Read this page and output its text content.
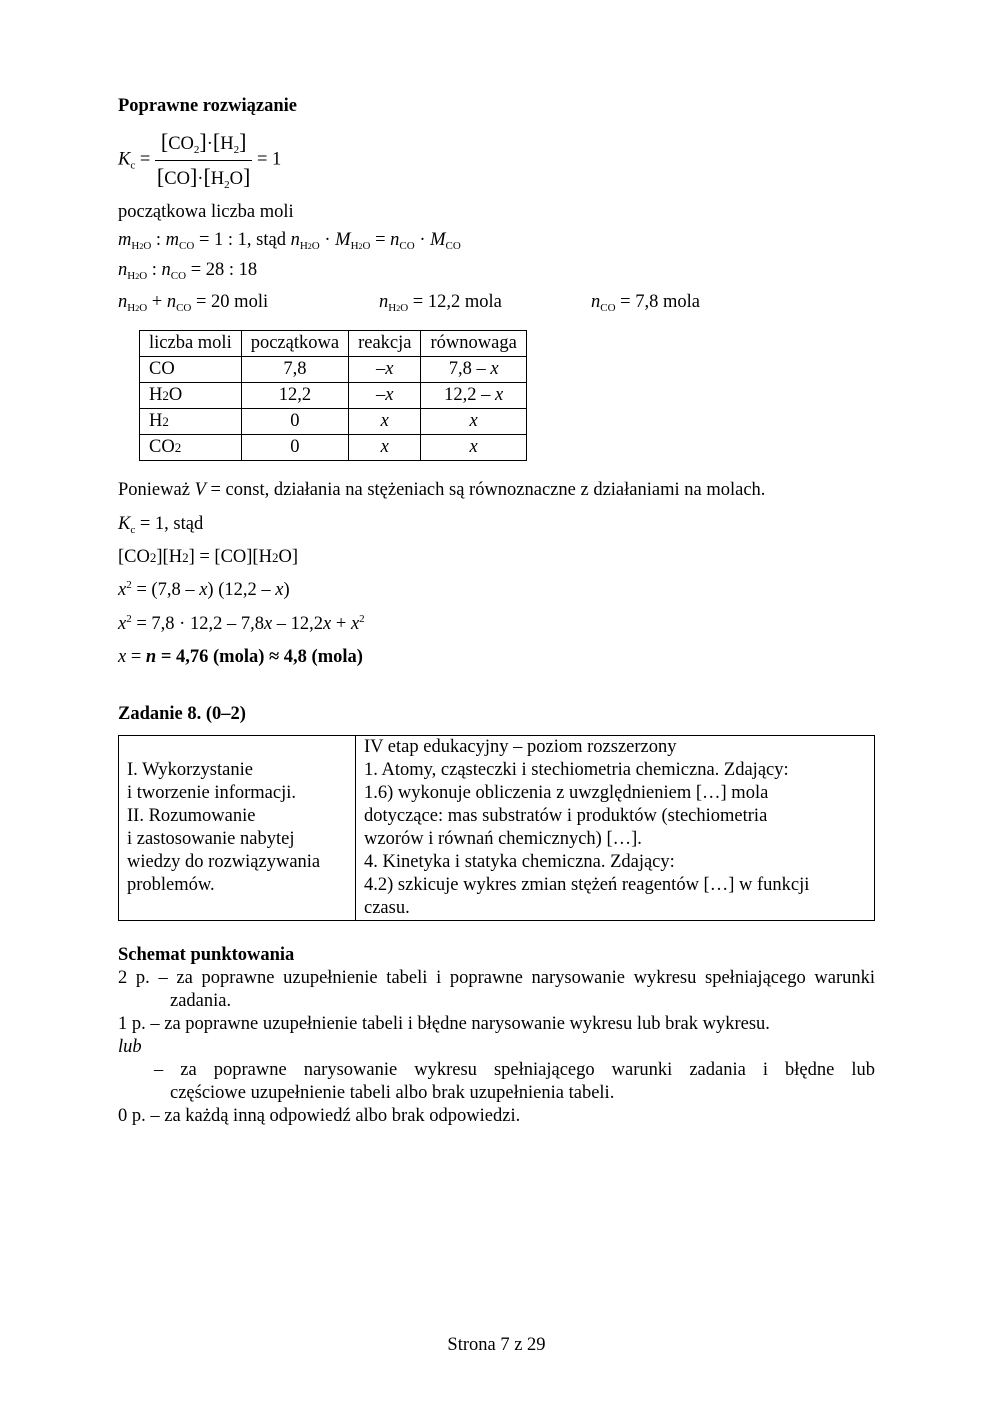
Poprawne rozwiązanie
$K_c = \frac{[CO_2]\cdot[H_2]}{[CO]\cdot[H_2O]} = 1$
początkowa liczba moli
$m_{H2O}$ : $m_{CO} = 1$ : 1, stąd $n_{H2O} \cdot M_{H2O} = n_{CO} \cdot M_{CO}$
$n_{H2O}$ : $n_{CO} = 28$ : 18
$n_{H2O} + n_{CO} = 20$ moli	$n_{H2O} = 12,2$ mola	$n_{CO} = 7,8$ mola
liczba moli	początkowa	reakcja	równowaga
CO	7,8	–x	7,8 – x
H2O	12,2	–x	12,2 – x
H2	0	x	x
CO2	0	x	x
Ponieważ V = const, działania na stężeniach są równoznaczne z działaniami na molach.
$K_c = 1$, stąd
[CO2][H2] = [CO][H2O]
$x^2 = (7,8 - x)$ (12,2 – x)
$x^2 = 7,8 \cdot 12,2 - 7,8x - 12,2x + x^2$
x = n = 4,76 (mola) ≈ 4,8 (mola)
Zadanie 8. (0–2)
I. Wykorzystanie
i tworzenie informacji.
II. Rozumowanie
i zastosowanie nabytej
wiedzy do rozwiązywania
problemów.

IV etap edukacyjny – poziom rozszerzony
1. Atomy, cząsteczki i stechiometria chemiczna. Zdający:
1.6) wykonuje obliczenia z uwzględnieniem […] mola
dotyczące: mas substratów i produktów (stechiometria
wzorów i równań chemicznych) […].
4. Kinetyka i statyka chemiczna. Zdający:
4.2) szkicuje wykres zmian stężeń reagentów […] w funkcji
czasu.
Schemat punktowania
2 p. – za poprawne uzupełnienie tabeli i poprawne narysowanie wykresu spełniającego warunki
zadania.
1 p. – za poprawne uzupełnienie tabeli i błędne narysowanie wykresu lub brak wykresu.
lub
– za poprawne narysowanie wykresu spełniającego warunki zadania i błędne lub
częściowe uzupełnienie tabeli albo brak uzupełnienia tabeli.
0 p. – za każdą inną odpowiedź albo brak odpowiedzi.
Strona 7 z 29
